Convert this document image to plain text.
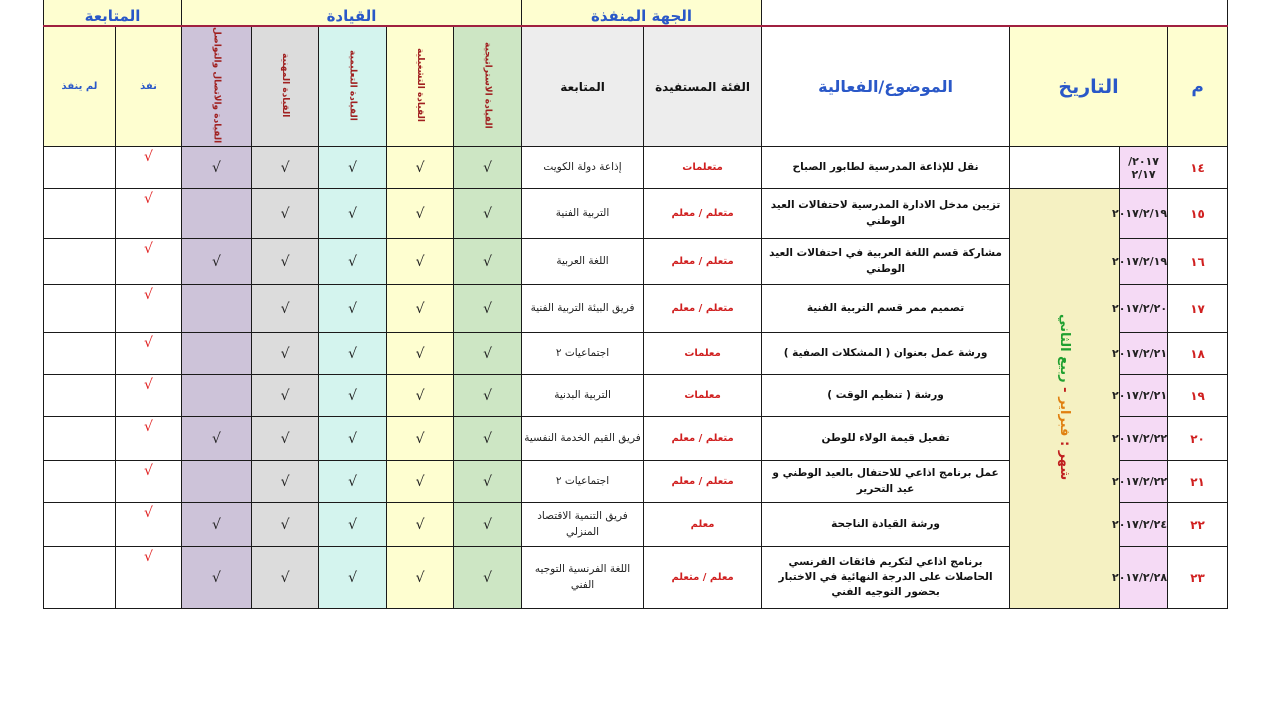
				الجهة المنفذة		القيادة					المتابعة	
م	التاريخ		الموضوع/الفعالية	الفئة المستفيدة	المتابعة	القيادة الاستراتيجية	القيادة التشغيلية	القيادة التعليمية	القيادة المهنية	القيادة والاتصال والتواصل	نفذ	لم ينفذ
١٤	٢٠١٧/ ٢/١٧		نقل للإذاعة المدرسية لطابور الصباح	متعلمات	إذاعة دولة الكويت	√	√	√	√	√	√	
١٥	٢٠١٧/٢/١٩	شهر : فبراير - ربيع الثاني	تزيين مدخل الادارة المدرسية لاحتفالات العيد الوطني	متعلم / معلم	التربية الفنية	√	√	√	√		√	
١٦	٢٠١٧/٢/١٩		مشاركة قسم اللغة العربية في احتفالات العيد الوطني	متعلم / معلم	اللغة العربية	√	√	√	√	√	√	
١٧	٢٠١٧/٢/٢٠		تصميم ممر قسم التربية الفنية	متعلم / معلم	فريق البيئة التربية الفنية	√	√	√	√		√	
١٨	٢٠١٧/٢/٢١		ورشة عمل بعنوان ( المشكلات الصفية )	معلمات	اجتماعيات ٢	√	√	√	√		√	
١٩	٢٠١٧/٢/٢١		ورشة ( تنظيم الوقت )	معلمات	التربية البدنية	√	√	√	√		√	
٢٠	٢٠١٧/٢/٢٢		تفعيل قيمة الولاء للوطن	متعلم / معلم	فريق القيم الخدمة النفسية	√	√	√	√	√	√	
٢١	٢٠١٧/٢/٢٢		عمل برنامج اذاعي للاحتفال بالعيد الوطني و عيد التحرير	متعلم / معلم	اجتماعيات ٢	√	√	√	√		√	
٢٢	٢٠١٧/٢/٢٤		ورشة القيادة الناجحة	معلم	فريق التنمية الاقتصاد المنزلي	√	√	√	√	√	√	
٢٣	٢٠١٧/٢/٢٨		برنامج اذاعي لتكريم فائقات الفرنسي الحاصلات على الدرجة النهائية في الاختبار بحضور التوجيه الفني	معلم / متعلم	اللغة الفرنسية التوجيه الفني	√	√	√	√	√	√	
